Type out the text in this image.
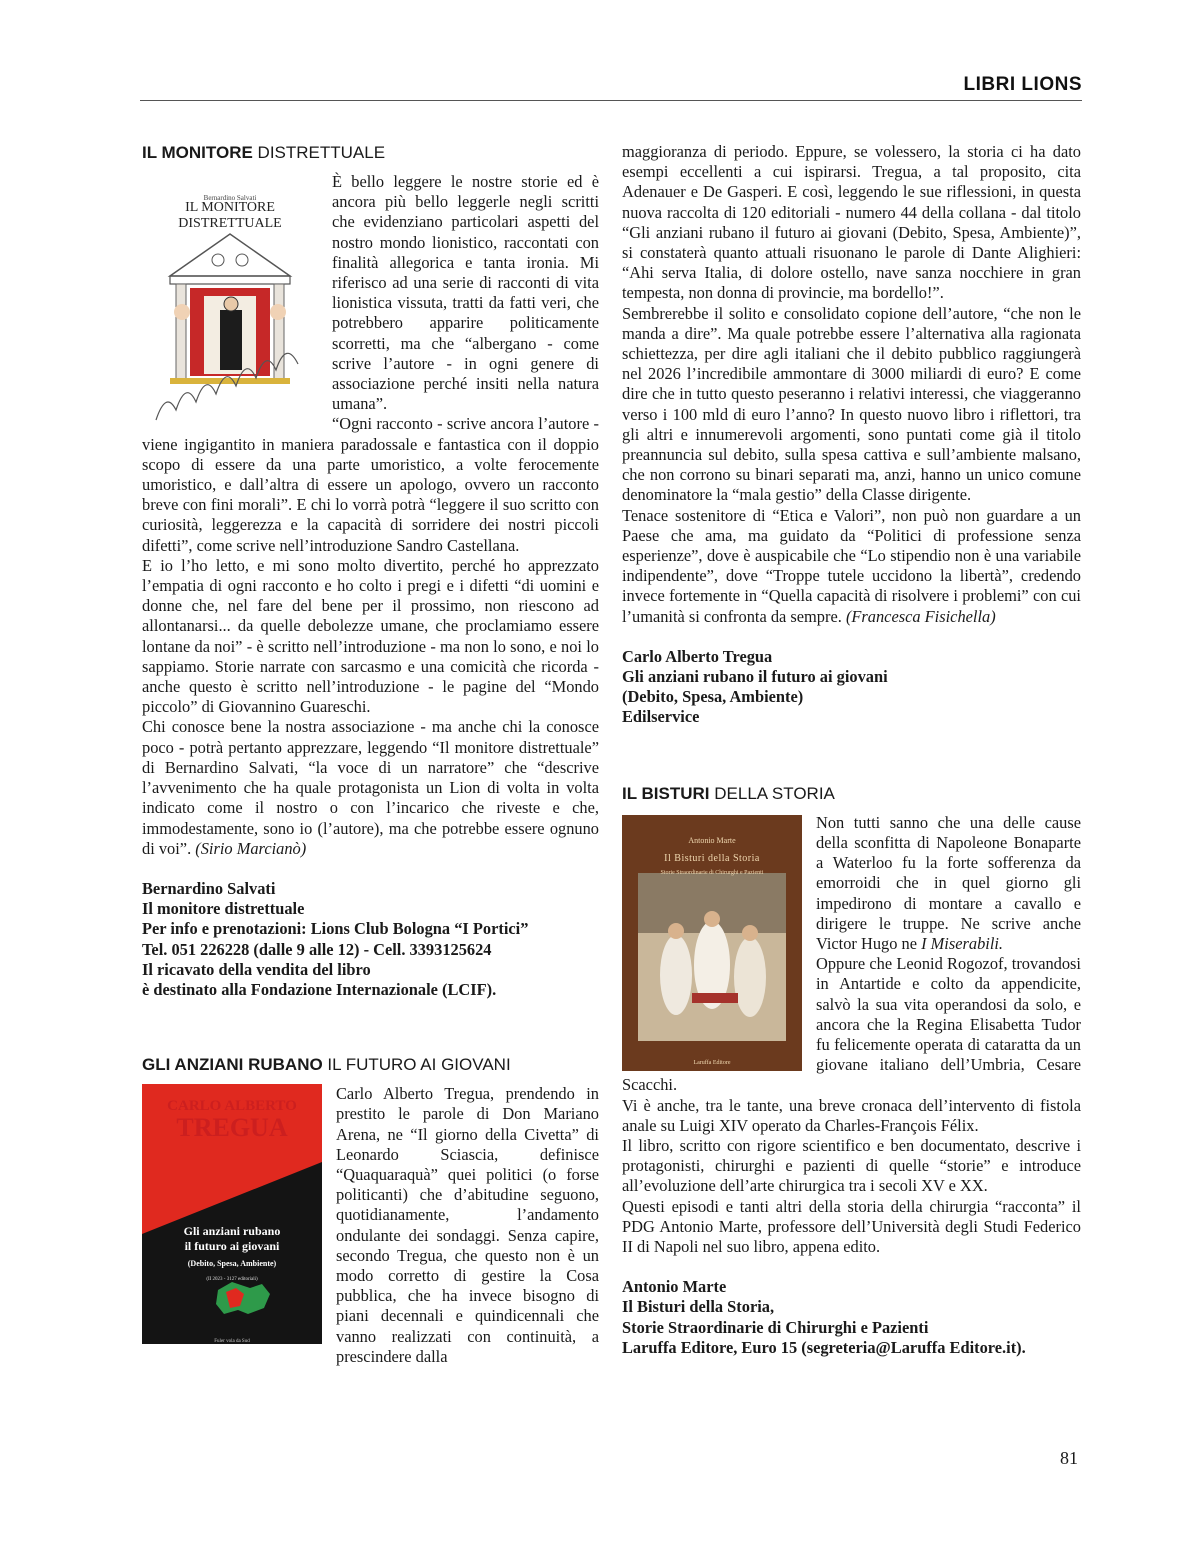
LIBRI LIONS
IL MONITORE DISTRETTUALE
Bernardino Salvati
IL MONITORE
DISTRETTUALE

È bello leggere le nostre storie ed è ancora più bello leggerle negli scritti che evidenziano particolari aspetti del nostro mondo lionistico, raccontati con finalità allegorica e tanta ironia. Mi riferisco ad una serie di racconti di vita lionistica vissuta, tratti da fatti veri, che potrebbero apparire politicamente scorretti, ma che “albergano - come scrive l’autore - in ogni genere di associazione perché insiti nella natura umana”.

“Ogni racconto - scrive ancora l’autore - viene ingigantito in maniera paradossale e fantastica con il doppio scopo di essere da una parte umoristico, a volte ferocemente umoristico, e dall’altra di essere un apologo, ovvero un racconto breve con fini morali”. E chi lo vorrà potrà “leggere il suo scritto con curiosità, leggerezza e la capacità di sorridere dei nostri piccoli difetti”, come scrive nell’introduzione Sandro Castellana.

E io l’ho letto, e mi sono molto divertito, perché ho apprezzato l’empatia di ogni racconto e ho colto i pregi e i difetti “di uomini e donne che, nel fare del bene per il prossimo, non riescono ad allontanarsi... da quelle debolezze umane, che proclamiamo essere lontane da noi” - è scritto nell’introduzione - ma non lo sono, e noi lo sappiamo. Storie narrate con sarcasmo e una comicità che ricorda - anche questo è scritto nell’introduzione - le pagine del “Mondo piccolo” di Giovannino Guareschi.

Chi conosce bene la nostra associazione - ma anche chi la conosce poco - potrà pertanto apprezzare, leggendo “Il monitore distrettuale” di Bernardino Salvati, “la voce di un narratore” che “descrive l’avvenimento che ha quale protagonista un Lion di volta in volta indicato come il nostro o con l’incarico che riveste e che, immodestamente, sono io (l’autore), ma che potrebbe essere ognuno di voi”. (Sirio Marcianò)

Bernardino Salvati
Il monitore distrettuale
Per info e prenotazioni: Lions Club Bologna “I Portici”
Tel. 051 226228 (dalle 9 alle 12) - Cell. 3393125624
Il ricavato della vendita del libro
è destinato alla Fondazione Internazionale (LCIF).
GLI ANZIANI RUBANO IL FUTURO AI GIOVANI
CARLO ALBERTO
TREGUA
Gli anziani rubano
il futuro ai giovani
(Debito, Spesa, Ambiente)
(II 2023 - 3127 editoriali)
Fuler vola da Sud

Carlo Alberto Tregua, prendendo in prestito le parole di Don Mariano Arena, ne “Il giorno della Civetta” di Leonardo Sciascia, definisce “Quaquaraquà” quei politici (o forse politicanti) che d’abitudine seguono, quotidianamente, l’andamento ondulante dei sondaggi. Senza capire, secondo Tregua, che questo non è un modo corretto di gestire la Cosa pubblica, che ha invece bisogno di piani decennali e quindicennali che vanno realizzati con continuità, a prescindere dalla

maggioranza di periodo. Eppure, se volessero, la storia ci ha dato esempi eccellenti a cui ispirarsi. Tregua, a tal proposito, cita Adenauer e De Gasperi. E così, leggendo le sue riflessioni, in questa nuova raccolta di 120 editoriali - numero 44 della collana - dal titolo “Gli anziani rubano il futuro ai giovani (Debito, Spesa, Ambiente)”, si constaterà quanto attuali risuonano le parole di Dante Alighieri: “Ahi serva Italia, di dolore ostello, nave sanza nocchiere in gran tempesta, non donna di provincie, ma bordello!”.

Sembrerebbe il solito e consolidato copione dell’autore, “che non le manda a dire”. Ma quale potrebbe essere l’alternativa alla ragionata schiettezza, per dire agli italiani che il debito pubblico raggiungerà nel 2026 l’incredibile ammontare di 3000 miliardi di euro? E come dire che in tutto questo peseranno i relativi interessi, che viaggeranno verso i 100 mld di euro l’anno? In questo nuovo libro i riflettori, tra gli altri e innumerevoli argomenti, sono puntati come già il titolo preannuncia sul debito, sulla spesa cattiva e sull’ambiente malsano, che non corrono su binari separati ma, anzi, hanno un unico comune denominatore la “mala gestio” della Classe dirigente.

Tenace sostenitore di “Etica e Valori”, non può non guardare a un Paese che ama, ma guidato da “Politici di professione senza esperienze”, dove è auspicabile che “Lo stipendio non è una variabile indipendente”, dove “Troppe tutele uccidono la libertà”, credendo invece fortemente in “Quella capacità di risolvere i problemi” con cui l’umanità si confronta da sempre. (Francesca Fisichella)

Carlo Alberto Tregua
Gli anziani rubano il futuro ai giovani
(Debito, Spesa, Ambiente)
Edilservice
IL BISTURI DELLA STORIA
Antonio Marte
Il Bisturi della Storia
Storie Straordinarie di Chirurghi e Pazienti
Laruffa Editore

Non tutti sanno che una delle cause della sconfitta di Napoleone Bonaparte a Waterloo fu la forte sofferenza da emorroidi che in quel giorno gli impedirono di montare a cavallo e dirigere le truppe. Ne scrive anche Victor Hugo ne I Miserabili.

Oppure che Leonid Rogozof, trovandosi in Antartide e colto da appendicite, salvò la sua vita operandosi da solo, e ancora che la Regina Elisabetta Tudor fu felicemente operata di cataratta da un giovane italiano dell’Umbria, Cesare Scacchi.

Vi è anche, tra le tante, una breve cronaca dell’intervento di fistola anale su Luigi XIV operato da Charles-François Félix.

Il libro, scritto con rigore scientifico e ben documentato, descrive i protagonisti, chirurghi e pazienti di quelle “storie” e introduce all’evoluzione dell’arte chirurgica tra i secoli XV e XX.

Questi episodi e tanti altri della storia della chirurgia “racconta” il PDG Antonio Marte, professore dell’Università degli Studi Federico II di Napoli nel suo libro, appena edito.

Antonio Marte
Il Bisturi della Storia,
Storie Straordinarie di Chirurghi e Pazienti
Laruffa Editore, Euro 15 (segreteria@Laruffa Editore.it).
81
